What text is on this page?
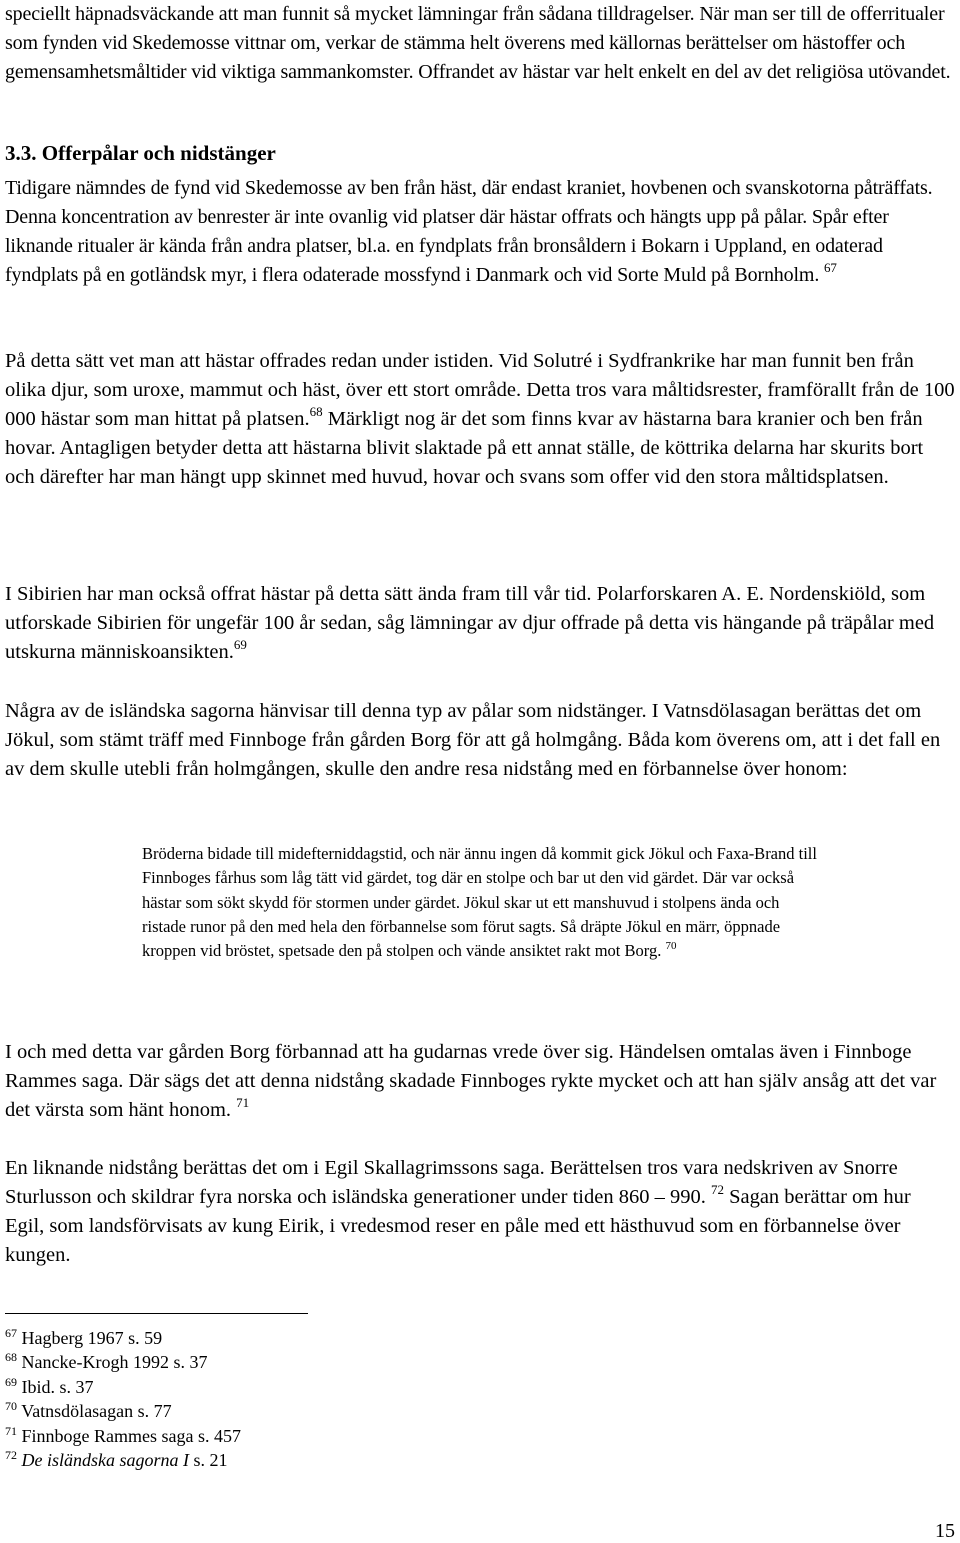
speciellt häpnadsväckande att man funnit så mycket lämningar från sådana tilldragelser. När man ser till de offerritualer som fynden vid Skedemosse vittnar om, verkar de stämma helt överens med källornas berättelser om hästoffer och gemensamhetsmåltider vid viktiga sammankomster. Offrandet av hästar var helt enkelt en del av det religiösa utövandet.

3.3. Offerpålar och nidstänger

Tidigare nämndes de fynd vid Skedemosse av ben från häst, där endast kraniet, hovbenen och svanskotorna påträffats. Denna koncentration av benrester är inte ovanlig vid platser där hästar offrats och hängts upp på pålar. Spår efter liknande ritualer är kända från andra platser, bl.a. en fyndplats från bronsåldern i Bokarn i Uppland, en odaterad fyndplats på en gotländsk myr, i flera odaterade mossfynd i Danmark och vid Sorte Muld på Bornholm. $^{67}$

På detta sätt vet man att hästar offrades redan under istiden. Vid Solutré i Sydfrankrike har man funnit ben från olika djur, som uroxe, mammut och häst, över ett stort område. Detta tros vara måltidsrester, framförallt från de 100 000 hästar som man hittat på platsen.$^{68}$ Märkligt nog är det som finns kvar av hästarna bara kranier och ben från hovar. Antagligen betyder detta att hästarna blivit slaktade på ett annat ställe, de köttrika delarna har skurits bort och därefter har man hängt upp skinnet med huvud, hovar och svans som offer vid den stora måltidsplatsen.

I Sibirien har man också offrat hästar på detta sätt ända fram till vår tid. Polarforskaren A. E. Nordenskiöld, som utforskade Sibirien för ungefär 100 år sedan, såg lämningar av djur offrade på detta vis hängande på träpålar med utskurna människoansikten.$^{69}$

Några av de isländska sagorna hänvisar till denna typ av pålar som nidstänger. I Vatnsdölasagan berättas det om Jökul, som stämt träff med Finnboge från gården Borg för att gå holmgång. Båda kom överens om, att i det fall en av dem skulle utebli från holmgången, skulle den andre resa nidstång med en förbannelse över honom:

Bröderna bidade till midefterniddagstid, och när ännu ingen då kommit gick Jökul och Faxa-Brand till Finnboges fårhus som låg tätt vid gärdet, tog där en stolpe och bar ut den vid gärdet. Där var också hästar som sökt skydd för stormen under gärdet. Jökul skar ut ett manshuvud i stolpens ända och ristade runor på den med hela den förbannelse som förut sagts. Så dräpte Jökul en märr, öppnade kroppen vid bröstet, spetsade den på stolpen och vände ansiktet rakt mot Borg. $^{70}$

I och med detta var gården Borg förbannad att ha gudarnas vrede över sig. Händelsen omtalas även i Finnboge Rammes saga. Där sägs det att denna nidstång skadade Finnboges rykte mycket och att han själv ansåg att det var det värsta som hänt honom. $^{71}$

En liknande nidstång berättas det om i Egil Skallagrimssons saga. Berättelsen tros vara nedskriven av Snorre Sturlusson och skildrar fyra norska och isländska generationer under tiden 860 – 990. $^{72}$ Sagan berättar om hur Egil, som landsförvisats av kung Eirik, i vredesmod reser en påle med ett hästhuvud som en förbannelse över kungen.

$^{67}$ Hagberg 1967 s. 59
$^{68}$ Nancke-Krogh 1992 s. 37
$^{69}$ Ibid. s. 37
$^{70}$ Vatnsdölasagan s. 77
$^{71}$ Finnboge Rammes saga s. 457
$^{72}$ De isländska sagorna I s. 21
15
